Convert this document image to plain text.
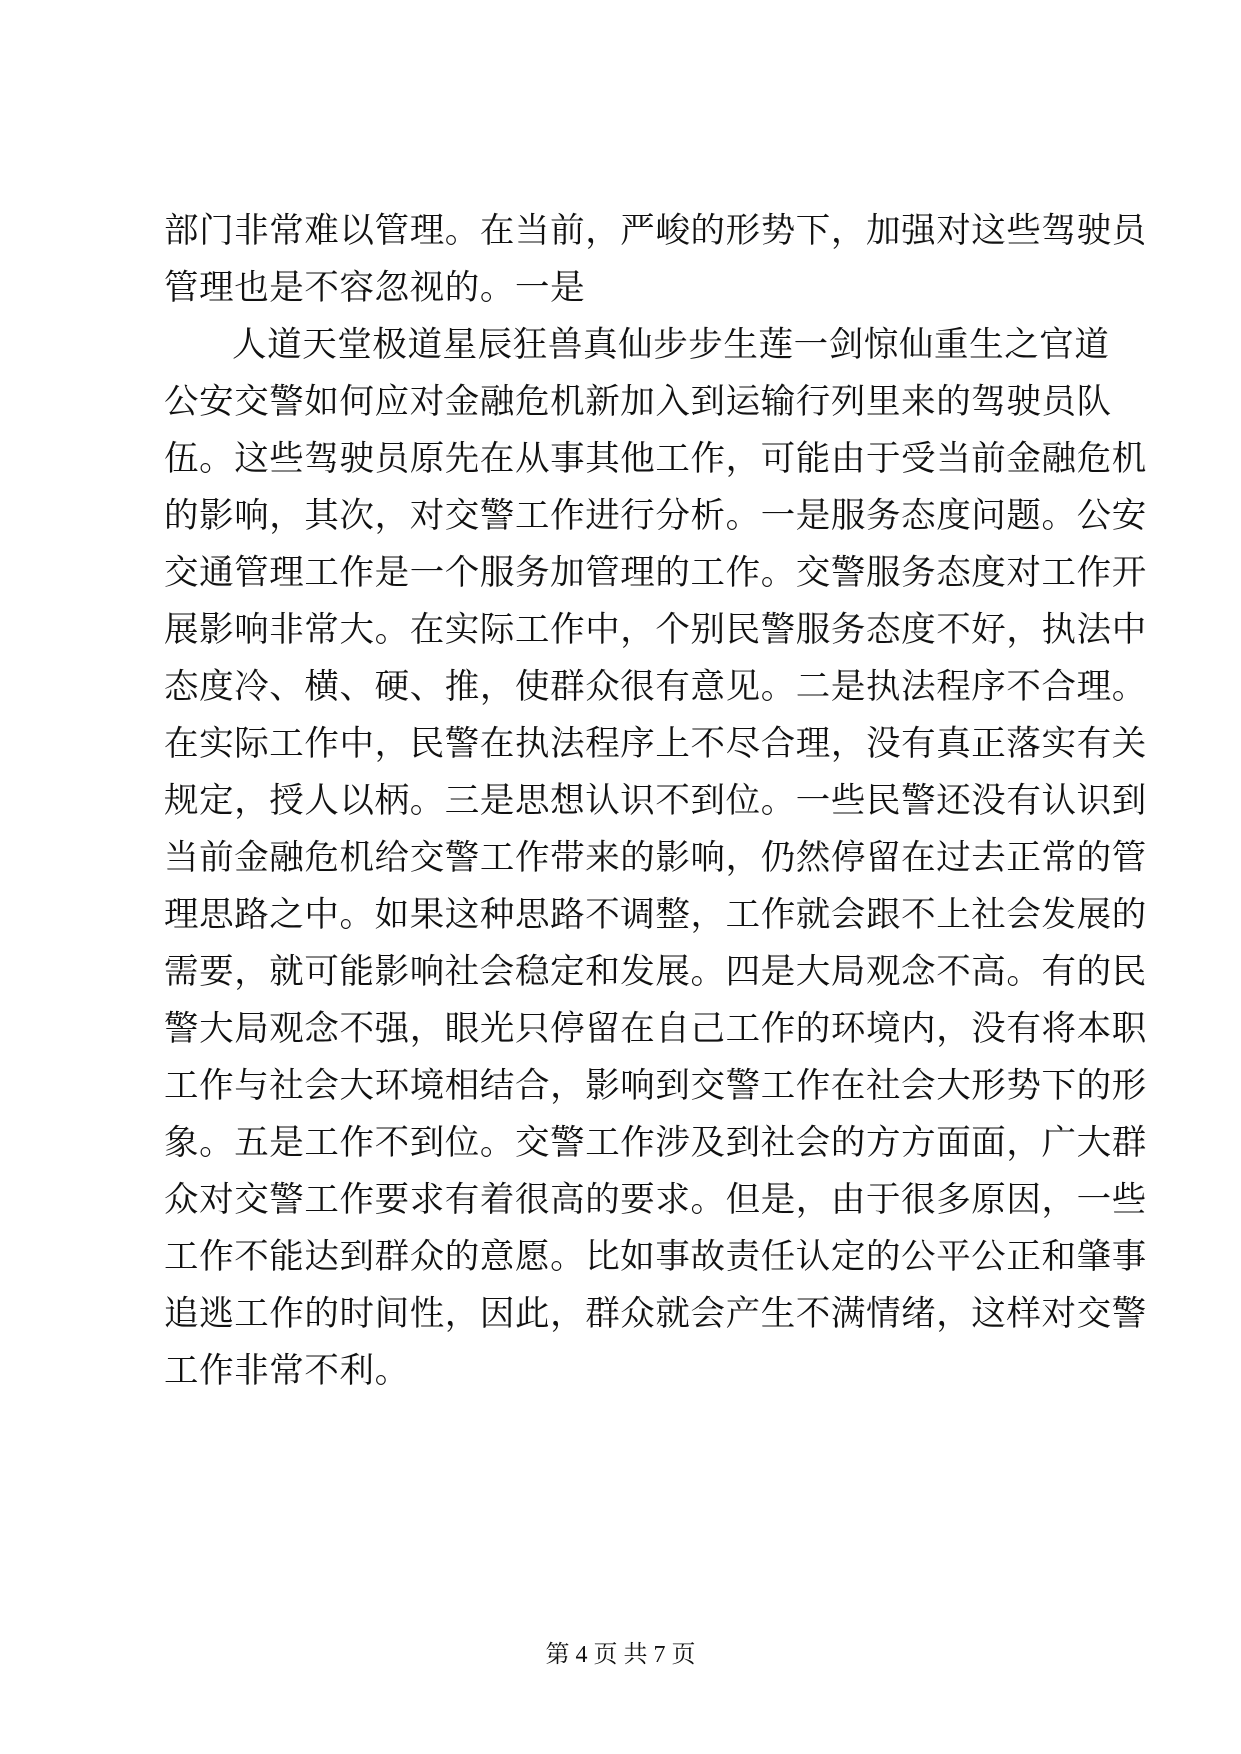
部门非常难以管理。在当前，严峻的形势下，加强对这些驾驶员
管理也是不容忽视的。一是
人道天堂极道星辰狂兽真仙步步生莲一剑惊仙重生之官道
公安交警如何应对金融危机新加入到运输行列里来的驾驶员队
伍。这些驾驶员原先在从事其他工作，可能由于受当前金融危机
的影响，其次，对交警工作进行分析。一是服务态度问题。公安
交通管理工作是一个服务加管理的工作。交警服务态度对工作开
展影响非常大。在实际工作中，个别民警服务态度不好，执法中
态度冷、横、硬、推，使群众很有意见。二是执法程序不合理。
在实际工作中，民警在执法程序上不尽合理，没有真正落实有关
规定，授人以柄。三是思想认识不到位。一些民警还没有认识到
当前金融危机给交警工作带来的影响，仍然停留在过去正常的管
理思路之中。如果这种思路不调整，工作就会跟不上社会发展的
需要，就可能影响社会稳定和发展。四是大局观念不高。有的民
警大局观念不强，眼光只停留在自己工作的环境内，没有将本职
工作与社会大环境相结合，影响到交警工作在社会大形势下的形
象。五是工作不到位。交警工作涉及到社会的方方面面，广大群
众对交警工作要求有着很高的要求。但是，由于很多原因，一些
工作不能达到群众的意愿。比如事故责任认定的公平公正和肇事
追逃工作的时间性，因此，群众就会产生不满情绪，这样对交警
工作非常不利。
第 4 页 共 7 页
